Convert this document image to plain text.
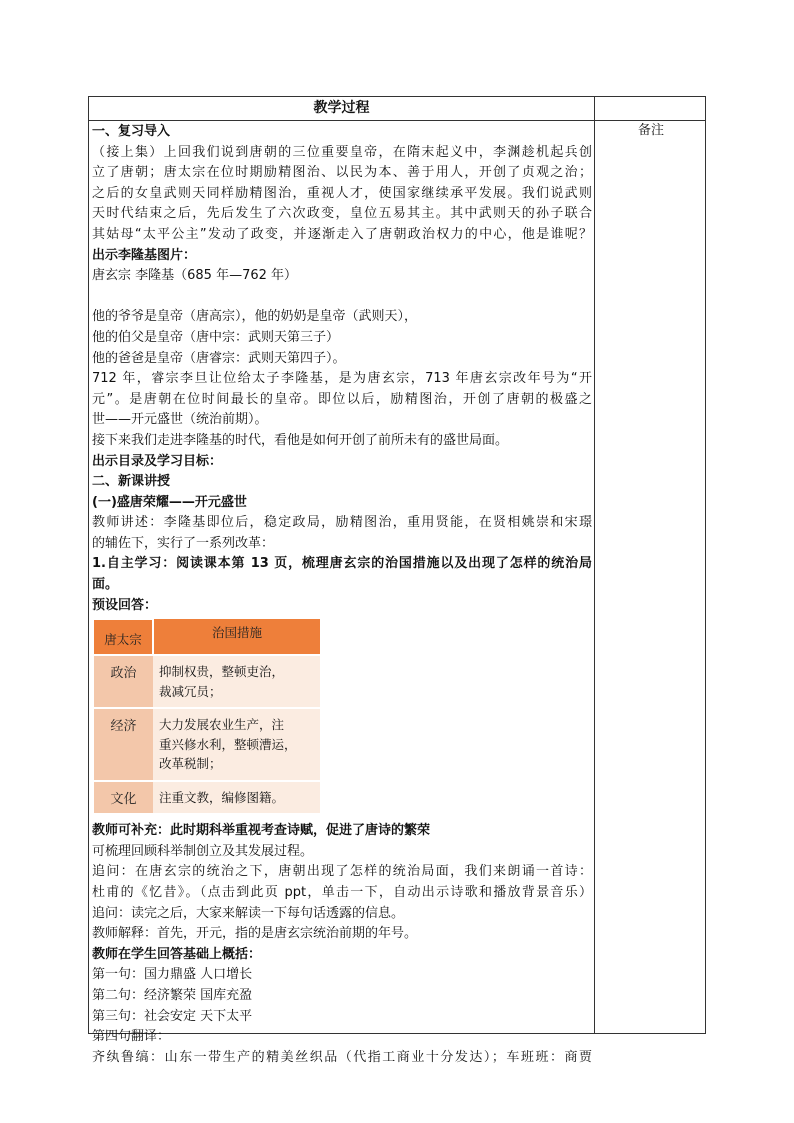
教学过程
备注
一、复习导入
（接上集）上回我们说到唐朝的三位重要皇帝，在隋末起义中，李渊趁机起兵创
立了唐朝；唐太宗在位时期励精图治、以民为本、善于用人，开创了贞观之治；
之后的女皇武则天同样励精图治，重视人才，使国家继续承平发展。我们说武则
天时代结束之后，先后发生了六次政变，皇位五易其主。其中武则天的孙子联合
其姑母“太平公主”发动了政变，并逐渐走入了唐朝政治权力的中心，他是谁呢？
出示李隆基图片：
唐玄宗 李隆基（685 年—762 年）
他的爷爷是皇帝（唐高宗），他的奶奶是皇帝（武则天），
他的伯父是皇帝（唐中宗：武则天第三子）
他的爸爸是皇帝（唐睿宗：武则天第四子）。
712 年，睿宗李旦让位给太子李隆基，是为唐玄宗，713 年唐玄宗改年号为“开
元”。是唐朝在位时间最长的皇帝。即位以后，励精图治，开创了唐朝的极盛之
世——开元盛世（统治前期）。
接下来我们走进李隆基的时代，看他是如何开创了前所未有的盛世局面。
出示目录及学习目标：
二、新课讲授
(一)盛唐荣耀——开元盛世
教师讲述：李隆基即位后，稳定政局，励精图治，重用贤能，在贤相姚崇和宋璟
的辅佐下，实行了一系列改革：
1.自主学习：阅读课本第 13 页，梳理唐玄宗的治国措施以及出现了怎样的统治局
面。
预设回答：
唐太宗	治国措施
政治	抑制权贵，整顿吏治，
裁减冗员；

经济	大力发展农业生产，注
重兴修水利，整顿漕运，
改革税制；

文化	注重文教，编修图籍。
教师可补充：此时期科举重视考查诗赋，促进了唐诗的繁荣
可梳理回顾科举制创立及其发展过程。
追问：在唐玄宗的统治之下，唐朝出现了怎样的统治局面，我们来朗诵一首诗：
杜甫的《忆昔》。（点击到此页 ppt，单击一下，自动出示诗歌和播放背景音乐）
追问：读完之后，大家来解读一下每句话透露的信息。
教师解释：首先，开元，指的是唐玄宗统治前期的年号。
教师在学生回答基础上概括：
第一句：国力鼎盛 人口增长
第二句：经济繁荣 国库充盈
第三句：社会安定 天下太平
第四句翻译：
齐纨鲁缟：山东一带生产的精美丝织品（代指工商业十分发达）；车班班：商贾
